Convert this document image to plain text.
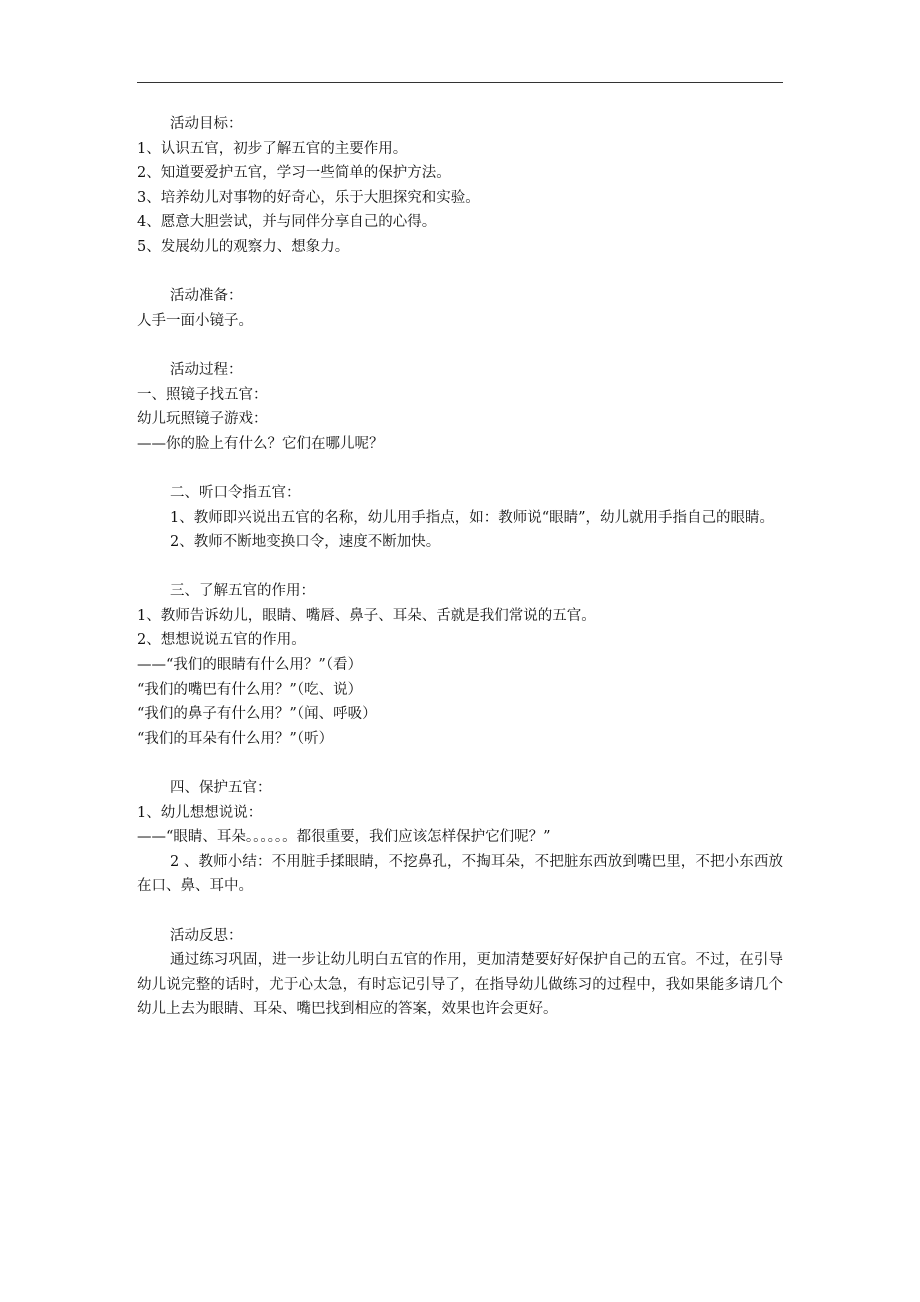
活动目标：
1、认识五官，初步了解五官的主要作用。
2、知道要爱护五官，学习一些简单的保护方法。
3、培养幼儿对事物的好奇心，乐于大胆探究和实验。
4、愿意大胆尝试，并与同伴分享自己的心得。
5、发展幼儿的观察力、想象力。
活动准备：
人手一面小镜子。
活动过程：
一、照镜子找五官：
幼儿玩照镜子游戏：
——你的脸上有什么？它们在哪儿呢？
二、听口令指五官：
1、教师即兴说出五官的名称，幼儿用手指点，如：教师说“眼睛”，幼儿就用手指自己的眼睛。
2、教师不断地变换口令，速度不断加快。
三、了解五官的作用：
1、教师告诉幼儿，眼睛、嘴唇、鼻子、耳朵、舌就是我们常说的五官。
2、想想说说五官的作用。
——“我们的眼睛有什么用？”（看）
“我们的嘴巴有什么用？”（吃、说）
“我们的鼻子有什么用？”（闻、呼吸）
“我们的耳朵有什么用？”（听）
四、保护五官：
1、幼儿想想说说：
——“眼睛、耳朵。。。。。。都很重要，我们应该怎样保护它们呢？”
2 、教师小结：不用脏手揉眼睛，不挖鼻孔，不掏耳朵，不把脏东西放到嘴巴里，不把小东西放在口、鼻、耳中。
活动反思：
通过练习巩固，进一步让幼儿明白五官的作用，更加清楚要好好保护自己的五官。不过，在引导幼儿说完整的话时，尤于心太急，有时忘记引导了，在指导幼儿做练习的过程中，我如果能多请几个幼儿上去为眼睛、耳朵、嘴巴找到相应的答案，效果也许会更好。
